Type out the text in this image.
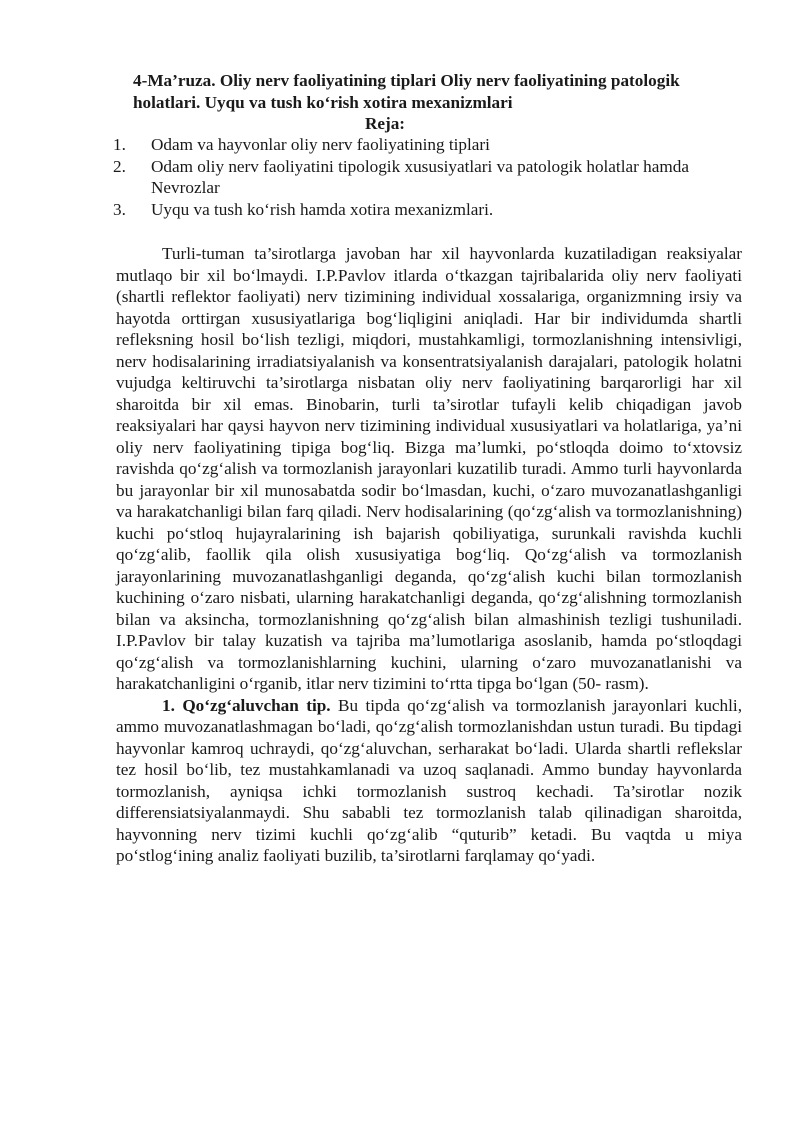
4-Ma’ruza. Oliy nerv faoliyatining tiplari Oliy nerv faoliyatining patologik holatlari. Uyqu va tush ko‘rish xotira mexanizmlari
Reja:
1. Odam va hayvonlar oliy nerv faoliyatining tiplari
2. Odam oliy nerv faoliyatini tipologik xususiyatlari va patologik holatlar hamda Nevrozlar
3. Uyqu va tush ko‘rish hamda xotira mexanizmlari.

Turli-tuman ta’sirotlarga javoban har xil hayvonlarda kuzatiladigan reaksiyalar mutlaqo bir xil bo‘lmaydi. I.P.Pavlov itlarda o‘tkazgan tajribalarida oliy nerv faoliyati (shartli reflektor faoliyati) nerv tizimining individual xossalariga, organizmning irsiy va hayotda orttirgan xususiyatlariga bog‘liqligini aniqladi. Har bir individumda shartli refleksning hosil bo‘lish tezligi, miqdori, mustahkamligi, tormozlanishning intensivligi, nerv hodisalarining irradiatsiyalanish va konsentratsiyalanish darajalari, patologik holatni vujudga keltiruvchi ta’sirotlarga nisbatan oliy nerv faoliyatining barqarorligi har xil sharoitda bir xil emas. Binobarin, turli ta’sirotlar tufayli kelib chiqadigan javob reaksiyalari har qaysi hayvon nerv tizimining individual xususiyatlari va holatlariga, ya’ni oliy nerv faoliyatining tipiga bog‘liq. Bizga ma’lumki, po‘stloqda doimo to‘xtovsiz ravishda qo‘zg‘alish va tormozlanish jarayonlari kuzatilib turadi. Ammo turli hayvonlarda bu jarayonlar bir xil munosabatda sodir bo‘lmasdan, kuchi, o‘zaro muvozanatlashganligi va harakatchanligi bilan farq qiladi. Nerv hodisalarining (qo‘zg‘alish va tormozlanishning) kuchi po‘stloq hujayralarining ish bajarish qobiliyatiga, surunkali ravishda kuchli qo‘zg‘alib, faollik qila olish xususiyatiga bog‘liq. Qo‘zg‘alish va tormozlanish jarayonlarining muvozanatlashganligi deganda, qo‘zg‘alish kuchi bilan tormozlanish kuchining o‘zaro nisbati, ularning harakatchanligi deganda, qo‘zg‘alishning tormozlanish bilan va aksincha, tormozlanishning qo‘zg‘alish bilan almashinish tezligi tushuniladi. I.P.Pavlov bir talay kuzatish va tajriba ma’lumotlariga asoslanib, hamda po‘stloqdagi qo‘zg‘alish va tormozlanishlarning kuchini, ularning o‘zaro muvozanatlanishi va harakatchanligini o‘rganib, itlar nerv tizimini to‘rtta tipga bo‘lgan (50- rasm).

1. Qo‘zg‘aluvchan tip. Bu tipda qo‘zg‘alish va tormozlanish jarayonlari kuchli, ammo muvozanatlashmagan bo‘ladi, qo‘zg‘alish tormozlanishdan ustun turadi. Bu tipdagi hayvonlar kamroq uchraydi, qo‘zg‘aluvchan, serharakat bo‘ladi. Ularda shartli reflekslar tez hosil bo‘lib, tez mustahkamlanadi va uzoq saqlanadi. Ammo bunday hayvonlarda tormozlanish, ayniqsa ichki tormozlanish sustroq kechadi. Ta’sirotlar nozik differensiatsiyalanmaydi. Shu sababli tez tormozlanish talab qilinadigan sharoitda, hayvonning nerv tizimi kuchli qo‘zg‘alib “quturib” ketadi. Bu vaqtda u miya po‘stlog‘ining analiz faoliyati buzilib, ta’sirotlarni farqlamay qo‘yadi.
